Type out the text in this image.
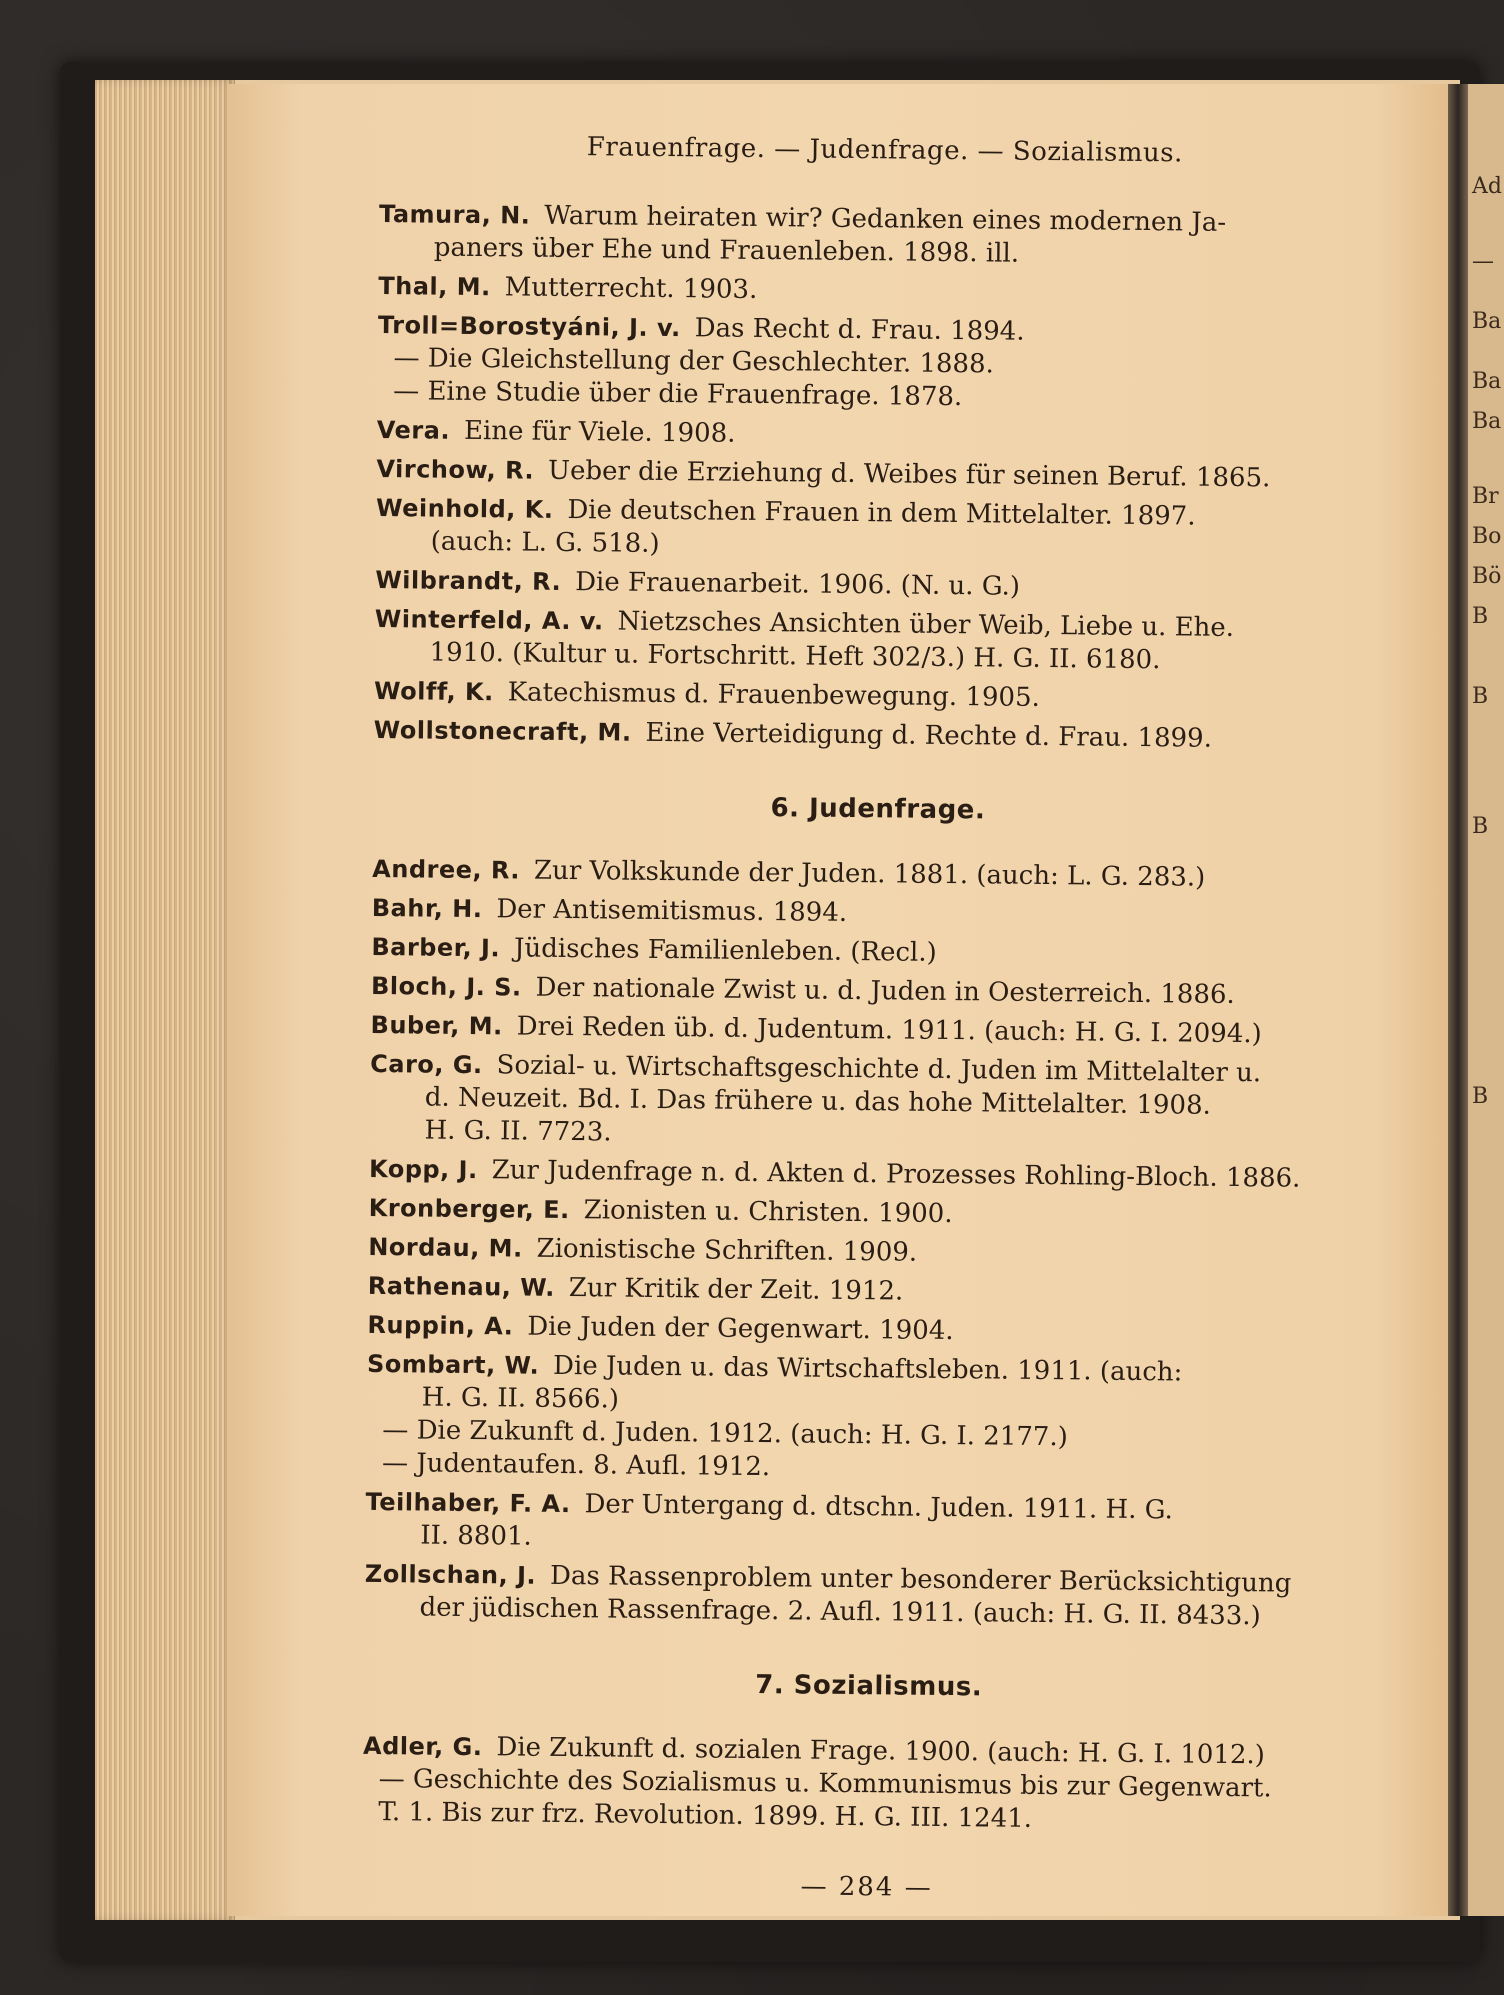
Ad
—
Ba
Ba
Ba
Br
Bo
Bö
B
B
B
B
Frauenfrage. — Judenfrage. — Sozialismus.
Tamura, N. Warum heiraten wir? Gedanken eines modernen Ja-
paners über Ehe und Frauenleben. 1898. ill.
Thal, M. Mutterrecht. 1903.
Troll=Borostyáni, J. v. Das Recht d. Frau. 1894.
— Die Gleichstellung der Geschlechter. 1888.
— Eine Studie über die Frauenfrage. 1878.
Vera. Eine für Viele. 1908.
Virchow, R. Ueber die Erziehung d. Weibes für seinen Beruf. 1865.
Weinhold, K. Die deutschen Frauen in dem Mittelalter. 1897.
(auch: L. G. 518.)
Wilbrandt, R. Die Frauenarbeit. 1906. (N. u. G.)
Winterfeld, A. v. Nietzsches Ansichten über Weib, Liebe u. Ehe.
1910. (Kultur u. Fortschritt. Heft 302/3.) H. G. II. 6180.
Wolff, K. Katechismus d. Frauenbewegung. 1905.
Wollstonecraft, M. Eine Verteidigung d. Rechte d. Frau. 1899.
6. Judenfrage.
Andree, R. Zur Volkskunde der Juden. 1881. (auch: L. G. 283.)
Bahr, H. Der Antisemitismus. 1894.
Barber, J. Jüdisches Familienleben. (Recl.)
Bloch, J. S. Der nationale Zwist u. d. Juden in Oesterreich. 1886.
Buber, M. Drei Reden üb. d. Judentum. 1911. (auch: H. G. I. 2094.)
Caro, G. Sozial- u. Wirtschaftsgeschichte d. Juden im Mittelalter u.
d. Neuzeit. Bd. I. Das frühere u. das hohe Mittelalter. 1908.
H. G. II. 7723.
Kopp, J. Zur Judenfrage n. d. Akten d. Prozesses Rohling-Bloch. 1886.
Kronberger, E. Zionisten u. Christen. 1900.
Nordau, M. Zionistische Schriften. 1909.
Rathenau, W. Zur Kritik der Zeit. 1912.
Ruppin, A. Die Juden der Gegenwart. 1904.
Sombart, W. Die Juden u. das Wirtschaftsleben. 1911. (auch:
H. G. II. 8566.)
— Die Zukunft d. Juden. 1912. (auch: H. G. I. 2177.)
— Judentaufen. 8. Aufl. 1912.
Teilhaber, F. A. Der Untergang d. dtschn. Juden. 1911. H. G.
II. 8801.
Zollschan, J. Das Rassenproblem unter besonderer Berücksichtigung
der jüdischen Rassenfrage. 2. Aufl. 1911. (auch: H. G. II. 8433.)
7. Sozialismus.
Adler, G. Die Zukunft d. sozialen Frage. 1900. (auch: H. G. I. 1012.)
— Geschichte des Sozialismus u. Kommunismus bis zur Gegenwart.
T. 1. Bis zur frz. Revolution. 1899. H. G. III. 1241.
— 284 —
